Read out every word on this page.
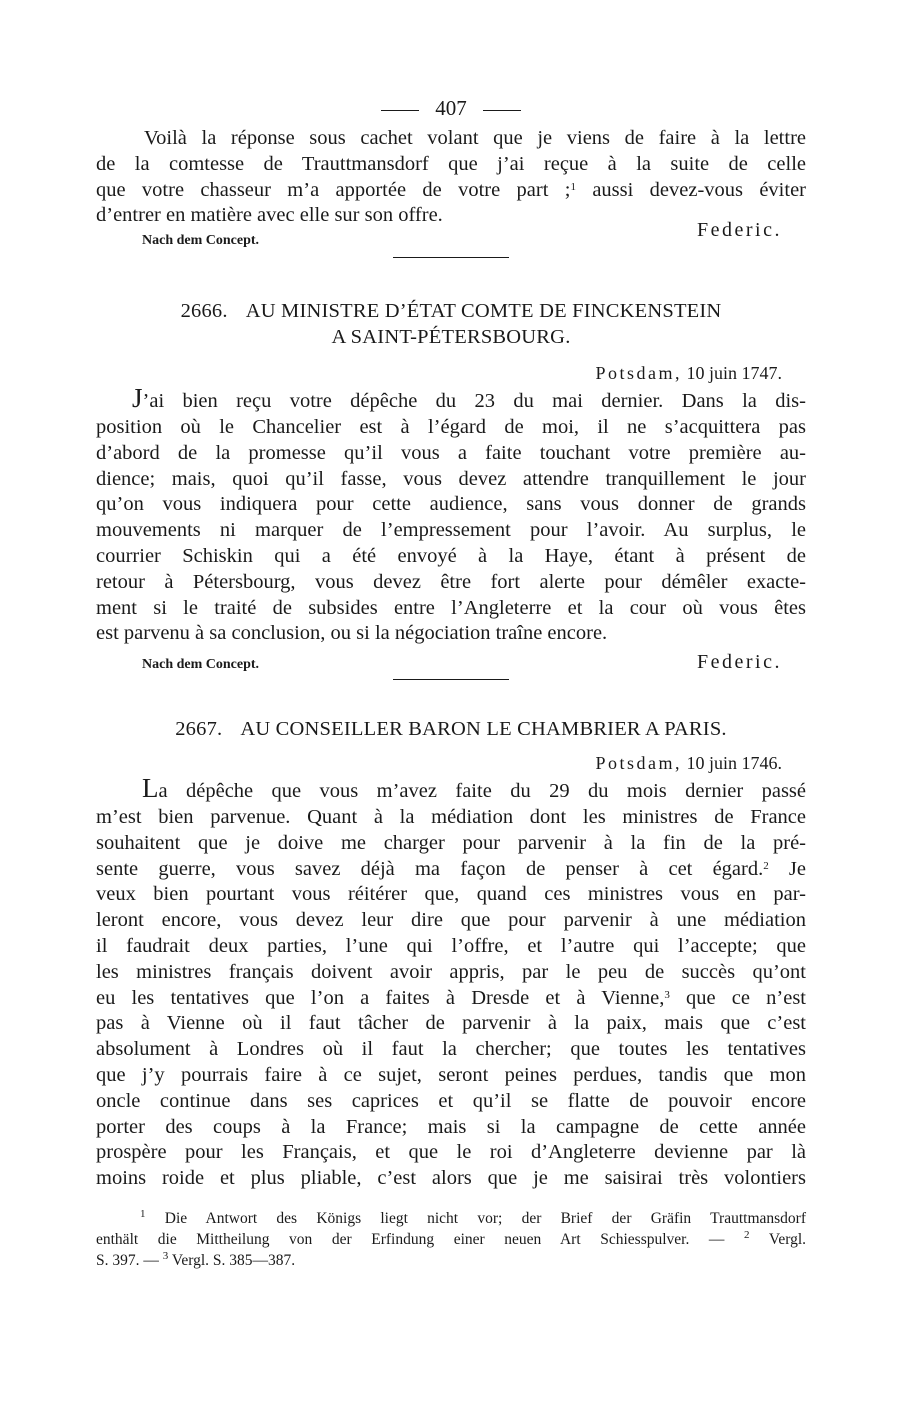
407

Voilà la réponse sous cachet volant que je viens de faire à la lettre
de la comtesse de Trauttmansdorf que j’ai reçue à la suite de celle
que votre chasseur m’a apportée de votre part ;$^1$ aussi devez-vous éviter
d’entrer en matière avec elle sur son offre.

Nach dem Concept.	Federic.
2666. AU MINISTRE D’ÉTAT COMTE DE FINCKENSTEIN
A SAINT-PÉTERSBOURG.
Potsdam, 10 juin 1747.

J’ai bien reçu votre dépêche du 23 du mai dernier. Dans la dis-
position où le Chancelier est à l’égard de moi, il ne s’acquittera pas
d’abord de la promesse qu’il vous a faite touchant votre première au-
dience; mais, quoi qu’il fasse, vous devez attendre tranquillement le jour
qu’on vous indiquera pour cette audience, sans vous donner de grands
mouvements ni marquer de l’empressement pour l’avoir. Au surplus, le
courrier Schiskin qui a été envoyé à la Haye, étant à présent de
retour à Pétersbourg, vous devez être fort alerte pour démêler exacte-
ment si le traité de subsides entre l’Angleterre et la cour où vous êtes
est parvenu à sa conclusion, ou si la négociation traîne encore.

Nach dem Concept.	Federic.
2667. AU CONSEILLER BARON LE CHAMBRIER A PARIS.
Potsdam, 10 juin 1746.

La dépêche que vous m’avez faite du 29 du mois dernier passé
m’est bien parvenue. Quant à la médiation dont les ministres de France
souhaitent que je doive me charger pour parvenir à la fin de la pré-
sente guerre, vous savez déjà ma façon de penser à cet égard.$^2$ Je
veux bien pourtant vous réitérer que, quand ces ministres vous en par-
leront encore, vous devez leur dire que pour parvenir à une médiation
il faudrait deux parties, l’une qui l’offre, et l’autre qui l’accepte; que
les ministres français doivent avoir appris, par le peu de succès qu’ont
eu les tentatives que l’on a faites à Dresde et à Vienne,$^3$ que ce n’est
pas à Vienne où il faut tâcher de parvenir à la paix, mais que c’est
absolument à Londres où il faut la chercher; que toutes les tentatives
que j’y pourrais faire à ce sujet, seront peines perdues, tandis que mon
oncle continue dans ses caprices et qu’il se flatte de pouvoir encore
porter des coups à la France; mais si la campagne de cette année
prospère pour les Français, et que le roi d’Angleterre devienne par là
moins roide et plus pliable, c’est alors que je me saisirai très volontiers

$^1$ Die Antwort des Königs liegt nicht vor; der Brief der Gräfin Trauttmansdorf
enthält die Mittheilung von der Erfindung einer neuen Art Schiesspulver. — $^2$ Vergl.
S. 397. — $^3$ Vergl. S. 385—387.
